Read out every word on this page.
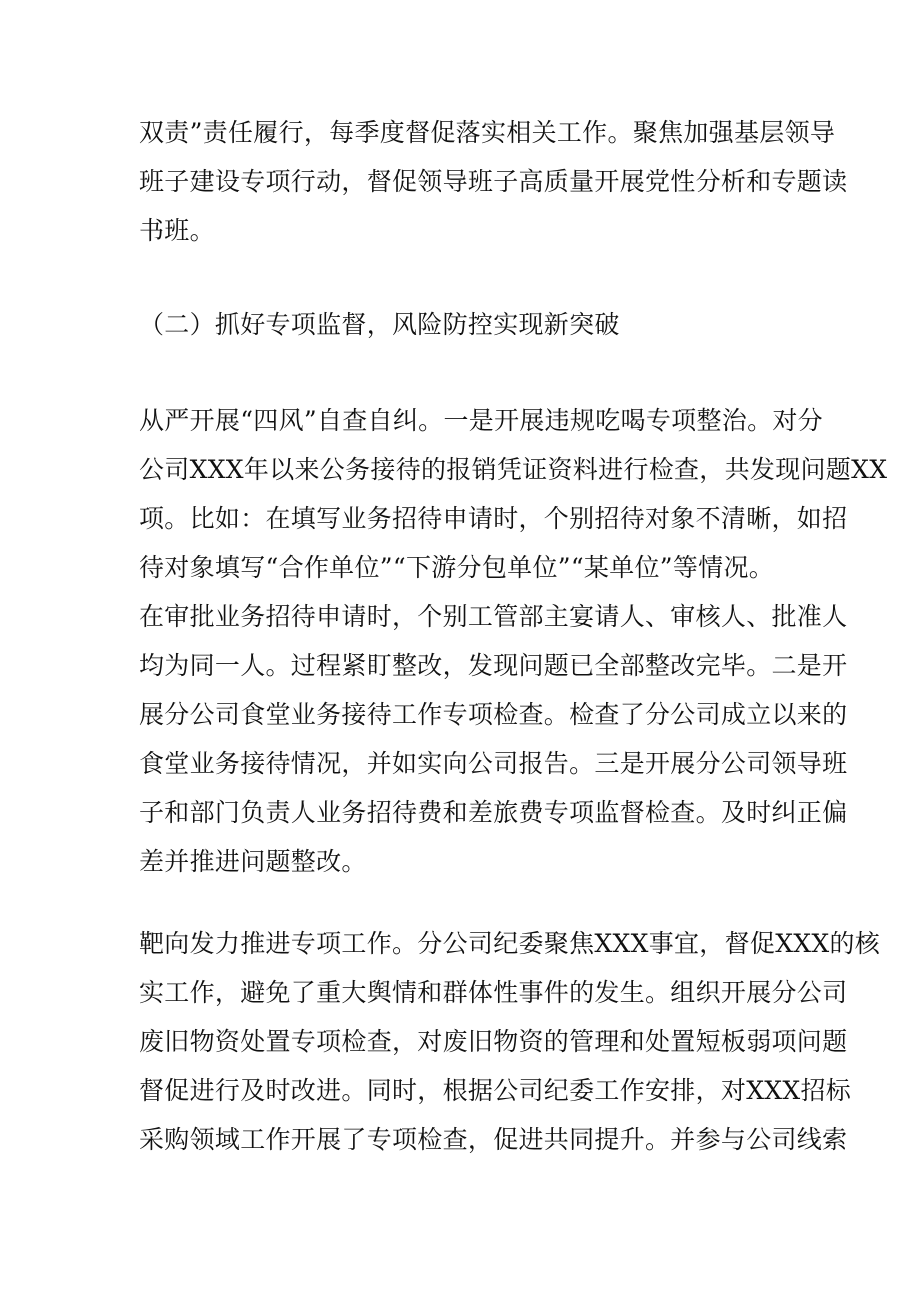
双责”责任履行，每季度督促落实相关工作。聚焦加强基层领导
班子建设专项行动，督促领导班子高质量开展党性分析和专题读
书班。
（二）抓好专项监督，风险防控实现新突破
从严开展“四风”自查自纠。一是开展违规吃喝专项整治。对分
公司XXX年以来公务接待的报销凭证资料进行检查，共发现问题XX
项。比如：在填写业务招待申请时，个别招待对象不清晰，如招
待对象填写“合作单位”“下游分包单位”“某单位”等情况。
在审批业务招待申请时，个别工管部主宴请人、审核人、批准人
均为同一人。过程紧盯整改，发现问题已全部整改完毕。二是开
展分公司食堂业务接待工作专项检查。检查了分公司成立以来的
食堂业务接待情况，并如实向公司报告。三是开展分公司领导班
子和部门负责人业务招待费和差旅费专项监督检查。及时纠正偏
差并推进问题整改。
靶向发力推进专项工作。分公司纪委聚焦XXX事宜，督促XXX的核
实工作，避免了重大舆情和群体性事件的发生。组织开展分公司
废旧物资处置专项检查，对废旧物资的管理和处置短板弱项问题
督促进行及时改进。同时，根据公司纪委工作安排，对XXX招标
采购领域工作开展了专项检查，促进共同提升。并参与公司线索
